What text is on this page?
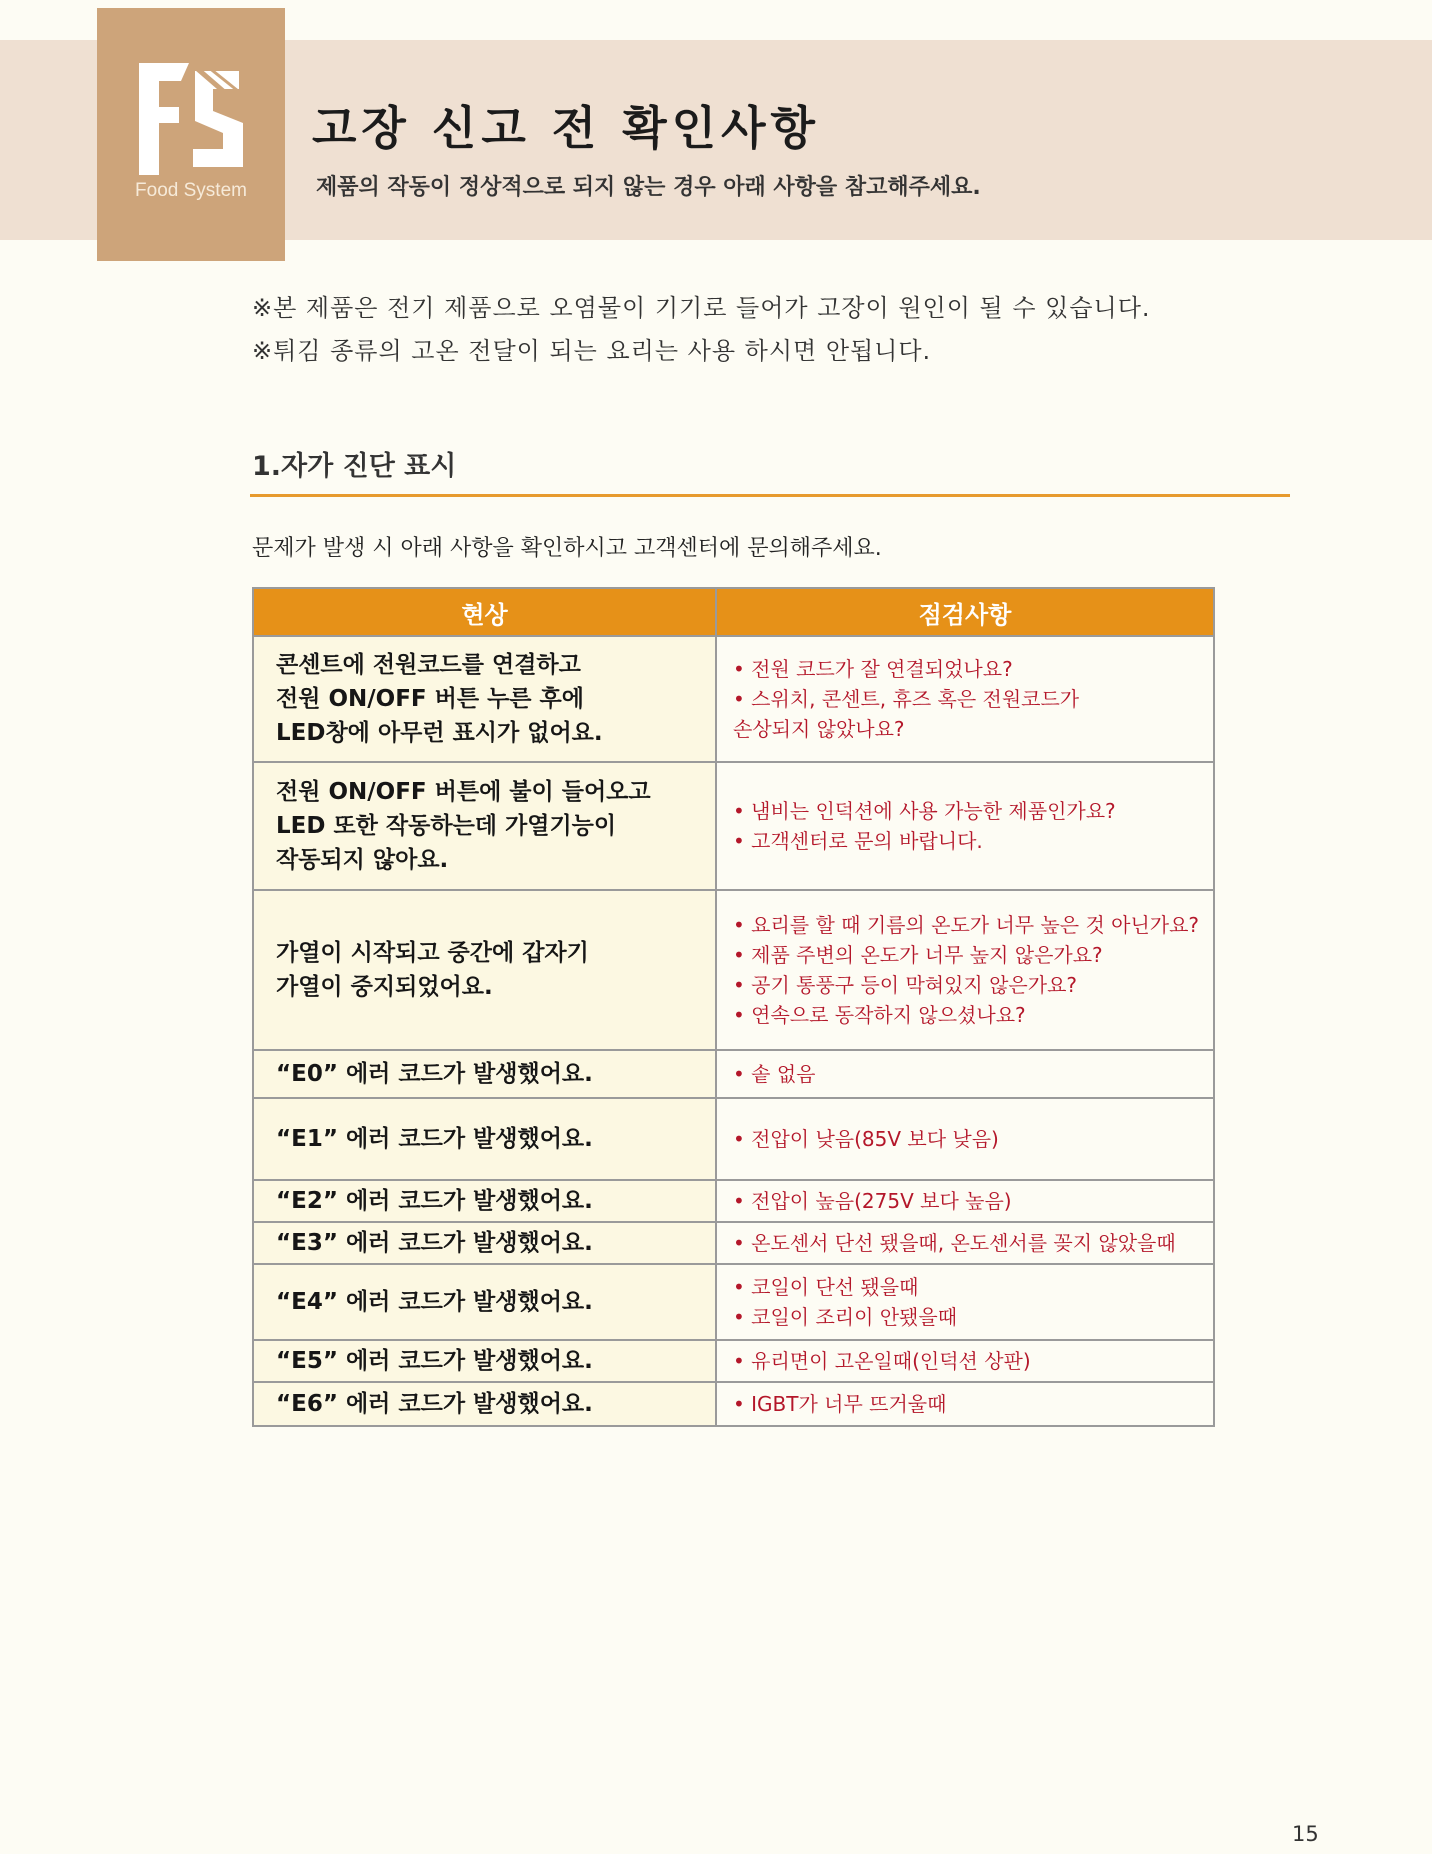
Food System
고장 신고 전 확인사항
제품의 작동이 정상적으로 되지 않는 경우 아래 사항을 참고해주세요.
※본 제품은 전기 제품으로 오염물이 기기로 들어가 고장이 원인이 될 수 있습니다.
※튀김 종류의 고온 전달이 되는 요리는 사용 하시면 안됩니다.
1.자가 진단 표시
문제가 발생 시 아래 사항을 확인하시고 고객센터에 문의해주세요.
현상	점검사항

콘센트에 전원코드를 연결하고
전원 ON/OFF 버튼 누른 후에
LED창에 아무런 표시가 없어요.	• 전원 코드가 잘 연결되었나요?
• 스위치, 콘센트, 휴즈 혹은 전원코드가
손상되지 않았나요?

전원 ON/OFF 버튼에 불이 들어오고
LED 또한 작동하는데 가열기능이
작동되지 않아요.	• 냄비는 인덕션에 사용 가능한 제품인가요?
• 고객센터로 문의 바랍니다.

가열이 시작되고 중간에 갑자기
가열이 중지되었어요.	• 요리를 할 때 기름의 온도가 너무 높은 것 아닌가요?
• 제품 주변의 온도가 너무 높지 않은가요?
• 공기 통풍구 등이 막혀있지 않은가요?
• 연속으로 동작하지 않으셨나요?

“E0” 에러 코드가 발생했어요.	• 솥 없음

“E1” 에러 코드가 발생했어요.	• 전압이 낮음(85V 보다 낮음)

“E2” 에러 코드가 발생했어요.	• 전압이 높음(275V 보다 높음)

“E3” 에러 코드가 발생했어요.	• 온도센서 단선 됐을때, 온도센서를 꽂지 않았을때

“E4” 에러 코드가 발생했어요.	• 코일이 단선 됐을때
• 코일이 조리이 안됐을때

“E5” 에러 코드가 발생했어요.	• 유리면이 고온일때(인덕션 상판)

“E6” 에러 코드가 발생했어요.	• IGBT가 너무 뜨거울때
15
